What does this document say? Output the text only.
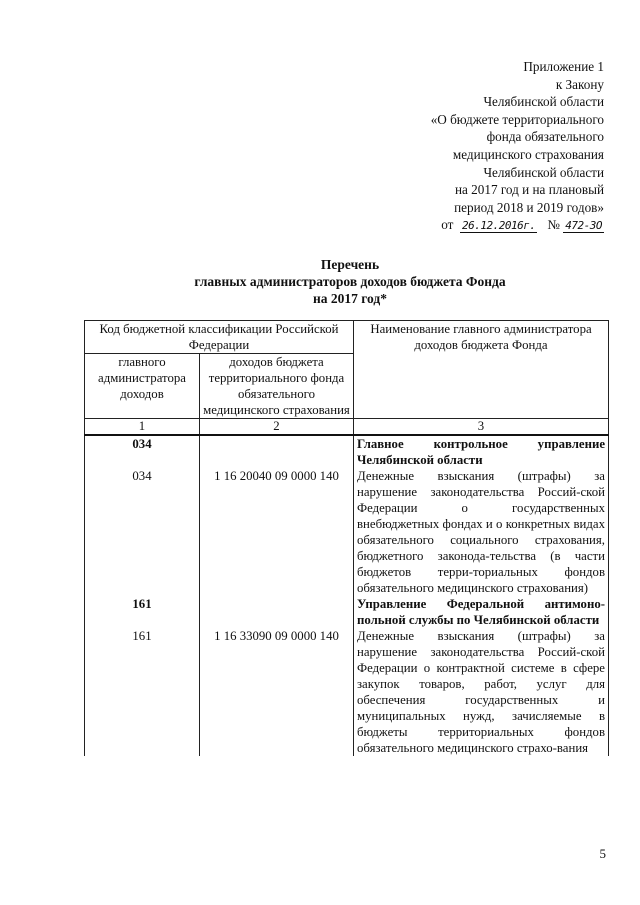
Приложение 1
к Закону
Челябинской области
«О бюджете территориального
фонда обязательного
медицинского страхования
Челябинской области
на 2017 год и на плановый
период 2018 и 2019 годов»
от 26.12.2016г. № 472-ЗО
Перечень
главных администраторов доходов бюджета Фонда
на 2017 год*
Код бюджетной классификации Российской Федерации		Наименование главного администратора доходов бюджета Фонда
главного администратора доходов	доходов бюджета территориального фонда обязательного медицинского страхования	
1	2	3
034		Главное контрольное управление Челябинской области
034	1 16 20040 09 0000 140	Денежные взыскания (штрафы) за нарушение законодательства Россий-ской Федерации о государственных внебюджетных фондах и о конкретных видах обязательного социального страхования, бюджетного законода-тельства (в части бюджетов терри-ториальных фондов обязательного медицинского страхования)
161		Управление Федеральной антимоно-польной службы по Челябинской области
161	1 16 33090 09 0000 140	Денежные взыскания (штрафы) за нарушение законодательства Россий-ской Федерации о контрактной системе в сфере закупок товаров, работ, услуг для обеспечения государственных и муниципальных нужд, зачисляемые в бюджеты территориальных фондов обязательного медицинского страхо-вания
5
